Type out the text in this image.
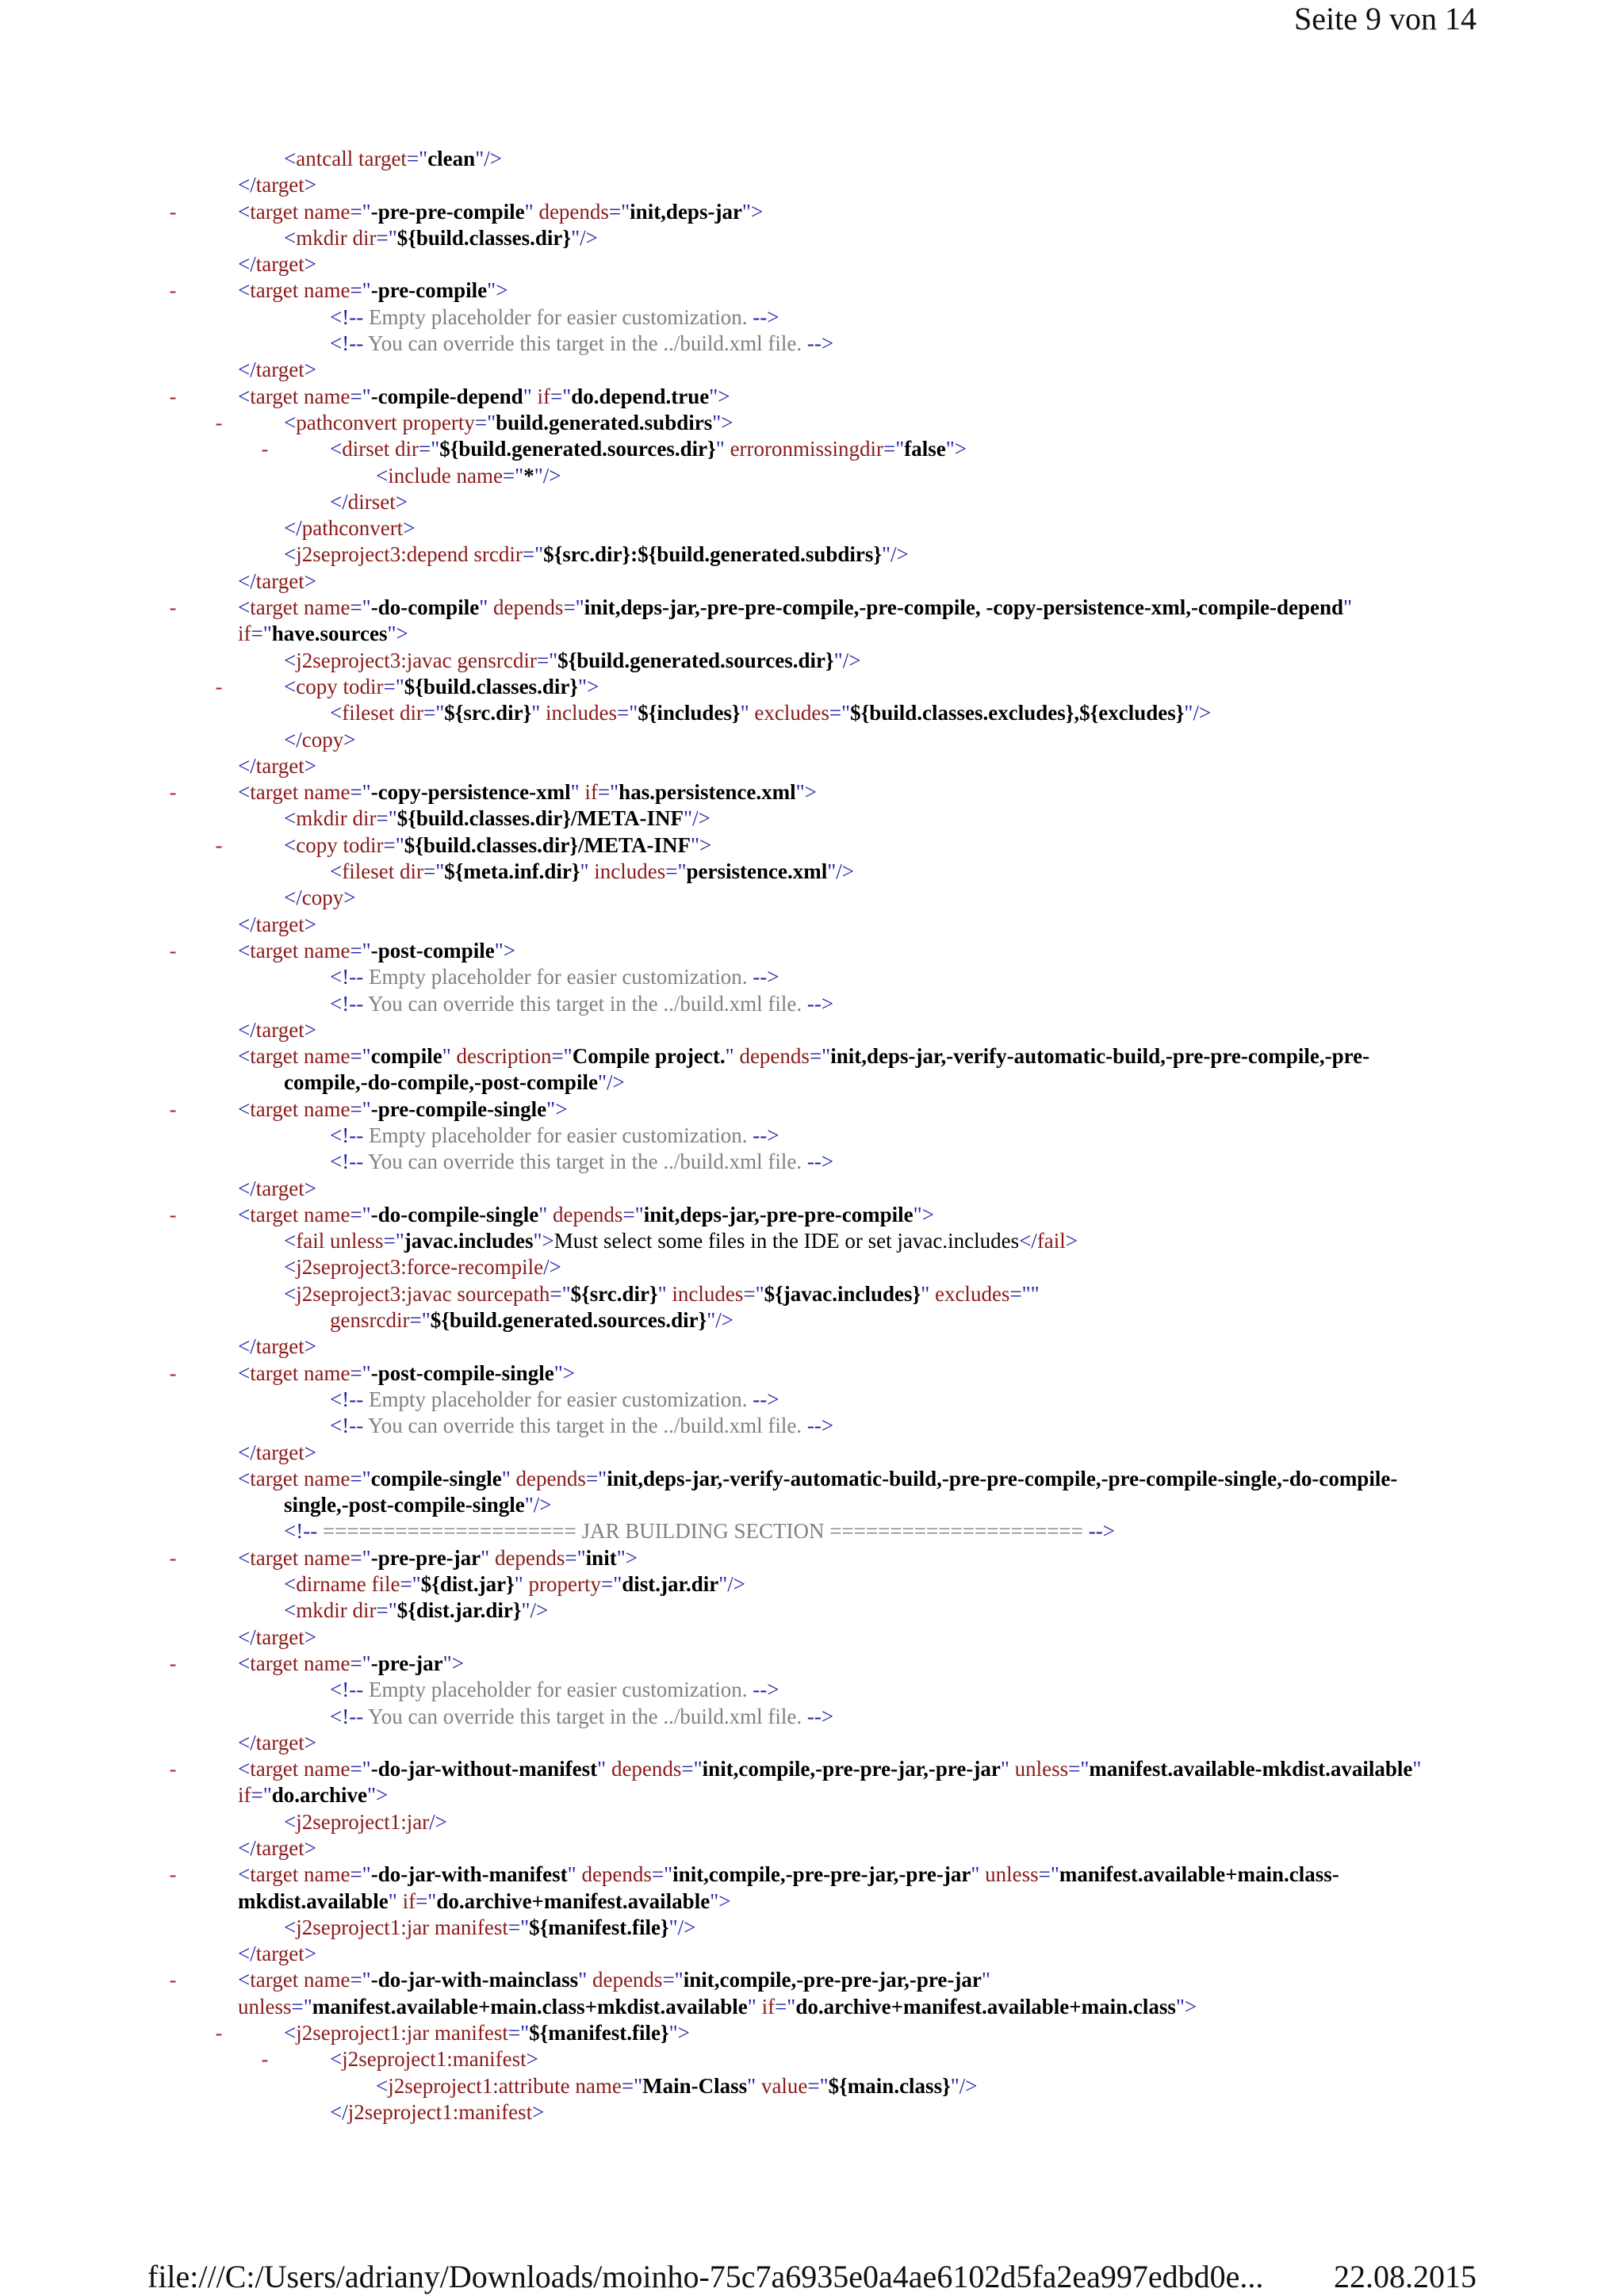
Seite 9 von 14
<antcall target="clean"/>
</target>
-	<target name="-pre-pre-compile" depends="init,deps-jar">
<mkdir dir="${build.classes.dir}"/>
</target>
-	<target name="-pre-compile">
<!-- Empty placeholder for easier customization. -->
<!-- You can override this target in the ../build.xml file. -->
</target>
-	<target name="-compile-depend" if="do.depend.true">
-	<pathconvert property="build.generated.subdirs">
-	<dirset dir="${build.generated.sources.dir}" erroronmissingdir="false">
<include name="*"/>
</dirset>
</pathconvert>
<j2seproject3:depend srcdir="${src.dir}:${build.generated.subdirs}"/>
</target>
-	<target name="-do-compile" depends="init,deps-jar,-pre-pre-compile,-pre-compile, -copy-persistence-xml,-compile-depend"
if="have.sources">
<j2seproject3:javac gensrcdir="${build.generated.sources.dir}"/>
-	<copy todir="${build.classes.dir}">
<fileset dir="${src.dir}" includes="${includes}" excludes="${build.classes.excludes},${excludes}"/>
</copy>
</target>
-	<target name="-copy-persistence-xml" if="has.persistence.xml">
<mkdir dir="${build.classes.dir}/META-INF"/>
-	<copy todir="${build.classes.dir}/META-INF">
<fileset dir="${meta.inf.dir}" includes="persistence.xml"/>
</copy>
</target>
-	<target name="-post-compile">
<!-- Empty placeholder for easier customization. -->
<!-- You can override this target in the ../build.xml file. -->
</target>
<target name="compile" description="Compile project." depends="init,deps-jar,-verify-automatic-build,-pre-pre-compile,-pre-
compile,-do-compile,-post-compile"/>
-	<target name="-pre-compile-single">
<!-- Empty placeholder for easier customization. -->
<!-- You can override this target in the ../build.xml file. -->
</target>
-	<target name="-do-compile-single" depends="init,deps-jar,-pre-pre-compile">
<fail unless="javac.includes">Must select some files in the IDE or set javac.includes</fail>
<j2seproject3:force-recompile/>
<j2seproject3:javac sourcepath="${src.dir}" includes="${javac.includes}" excludes=""
gensrcdir="${build.generated.sources.dir}"/>
</target>
-	<target name="-post-compile-single">
<!-- Empty placeholder for easier customization. -->
<!-- You can override this target in the ../build.xml file. -->
</target>
<target name="compile-single" depends="init,deps-jar,-verify-automatic-build,-pre-pre-compile,-pre-compile-single,-do-compile-
single,-post-compile-single"/>
<!-- ===================== JAR BUILDING SECTION ===================== -->
-	<target name="-pre-pre-jar" depends="init">
<dirname file="${dist.jar}" property="dist.jar.dir"/>
<mkdir dir="${dist.jar.dir}"/>
</target>
-	<target name="-pre-jar">
<!-- Empty placeholder for easier customization. -->
<!-- You can override this target in the ../build.xml file. -->
</target>
-	<target name="-do-jar-without-manifest" depends="init,compile,-pre-pre-jar,-pre-jar" unless="manifest.available-mkdist.available"
if="do.archive">
<j2seproject1:jar/>
</target>
-	<target name="-do-jar-with-manifest" depends="init,compile,-pre-pre-jar,-pre-jar" unless="manifest.available+main.class-
mkdist.available" if="do.archive+manifest.available">
<j2seproject1:jar manifest="${manifest.file}"/>
</target>
-	<target name="-do-jar-with-mainclass" depends="init,compile,-pre-pre-jar,-pre-jar"
unless="manifest.available+main.class+mkdist.available" if="do.archive+manifest.available+main.class">
-	<j2seproject1:jar manifest="${manifest.file}">
-	<j2seproject1:manifest>
<j2seproject1:attribute name="Main-Class" value="${main.class}"/>
</j2seproject1:manifest>
file:///C:/Users/adriany/Downloads/moinho-75c7a6935e0a4ae6102d5fa2ea997edbd0e... 22.08.2015
